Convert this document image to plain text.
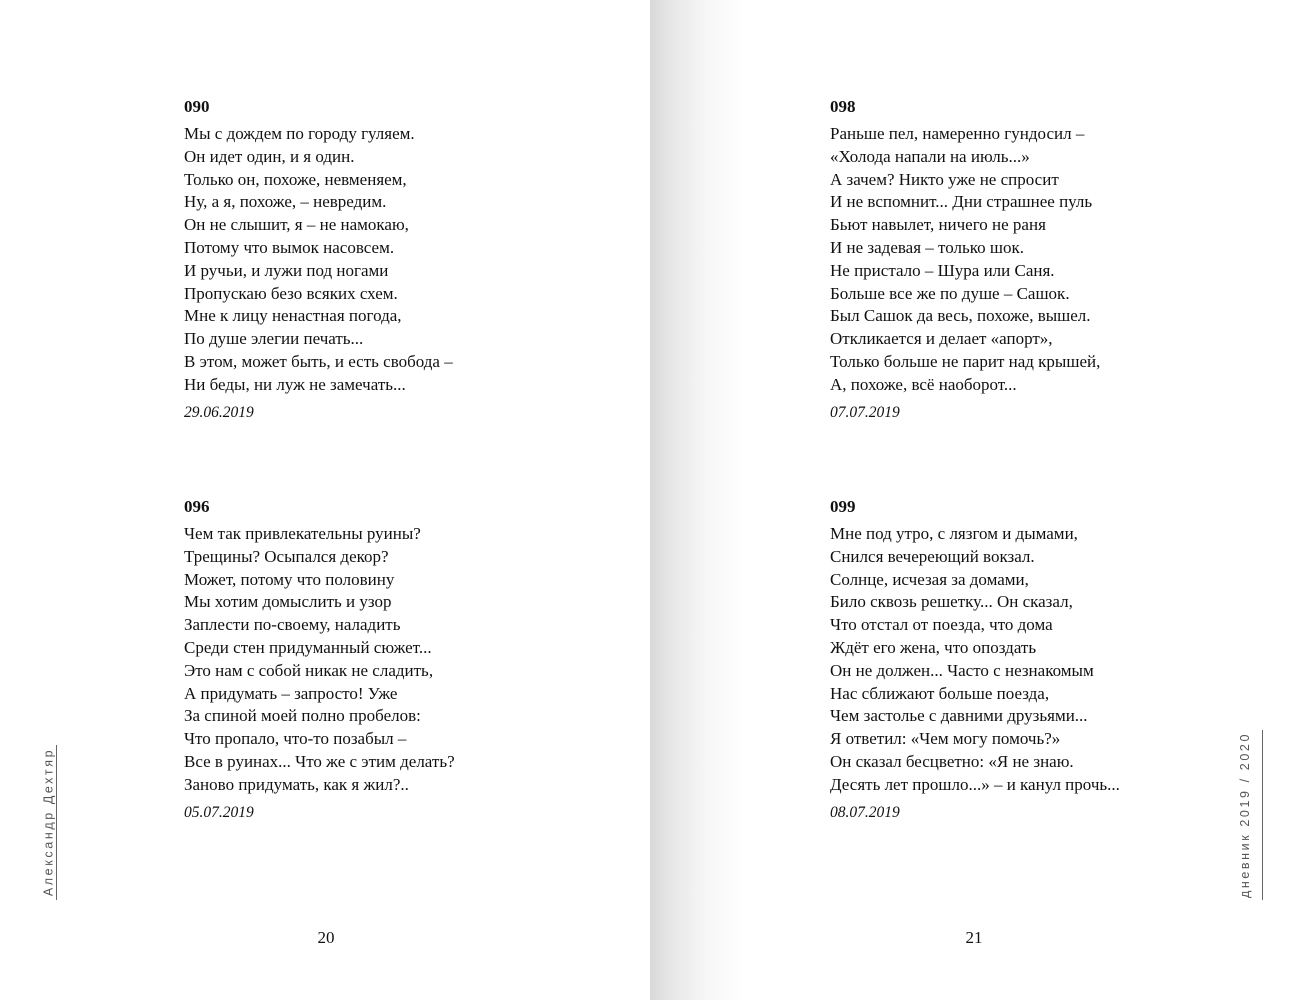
090
Мы с дождем по городу гуляем.
Он идет один, и я один.
Только он, похоже, невменяем,
Ну, а я, похоже, – невредим.
Он не слышит, я – не намокаю,
Потому что вымок насовсем.
И ручьи, и лужи под ногами
Пропускаю безо всяких схем.
Мне к лицу ненастная погода,
По душе элегии печать...
В этом, может быть, и есть свобода –
Ни беды, ни луж не замечать...
29.06.2019
096
Чем так привлекательны руины?
Трещины? Осыпался декор?
Может, потому что половину
Мы хотим домыслить и узор
Заплести по-своему, наладить
Среди стен придуманный сюжет...
Это нам с собой никак не сладить,
А придумать – запросто! Уже
За спиной моей полно пробелов:
Что пропало, что-то позабыл –
Все в руинах... Что же с этим делать?
Заново придумать, как я жил?..
05.07.2019
Александр Дехтяр
20
098
Раньше пел, намеренно гундосил –
«Холода напали на июль...»
А зачем? Никто уже не спросит
И не вспомнит... Дни страшнее пуль
Бьют навылет, ничего не раня
И не задевая – только шок.
Не пристало – Шура или Саня.
Больше все же по душе – Сашок.
Был Сашок да весь, похоже, вышел.
Откликается и делает «апорт»,
Только больше не парит над крышей,
А, похоже, всё наоборот...
07.07.2019
099
Мне под утро, с лязгом и дымами,
Снился вечереющий вокзал.
Солнце, исчезая за домами,
Било сквозь решетку... Он сказал,
Что отстал от поезда, что дома
Ждёт его жена, что опоздать
Он не должен... Часто с незнакомым
Нас сближают больше поезда,
Чем застолье с давними друзьями...
Я ответил: «Чем могу помочь?»
Он сказал бесцветно: «Я не знаю.
Десять лет прошло...» – и канул прочь...
08.07.2019	дневник 2019 / 2020
21
